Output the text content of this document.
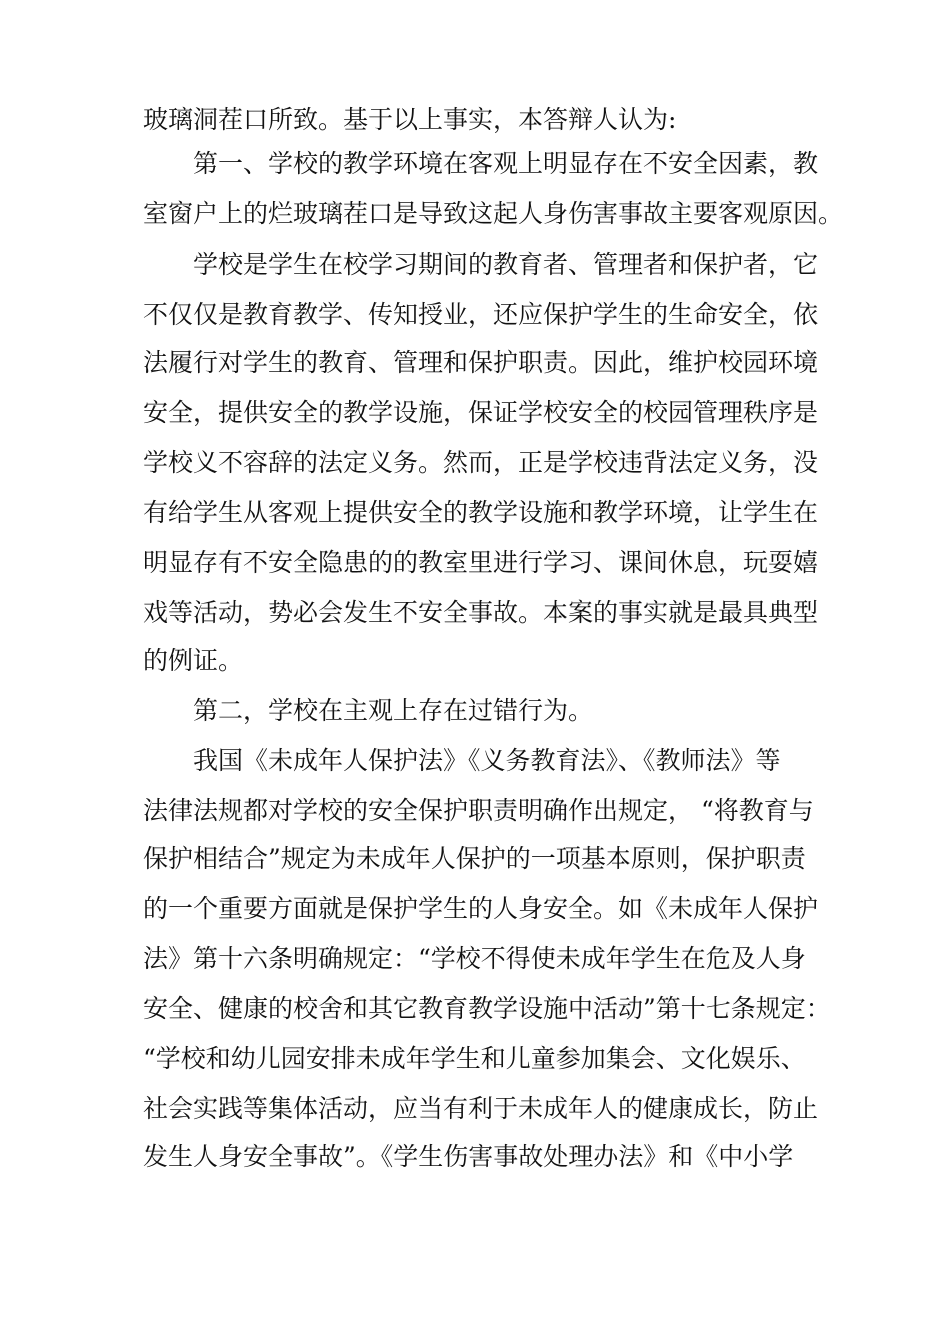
玻璃洞茬口所致。基于以上事实，本答辩人认为:
第一、学校的教学环境在客观上明显存在不安全因素，教
室窗户上的烂玻璃茬口是导致这起人身伤害事故主要客观原因。
学校是学生在校学习期间的教育者、管理者和保护者，它
不仅仅是教育教学、传知授业，还应保护学生的生命安全，依
法履行对学生的教育、管理和保护职责。因此，维护校园环境
安全，提供安全的教学设施，保证学校安全的校园管理秩序是
学校义不容辞的法定义务。然而，正是学校违背法定义务，没
有给学生从客观上提供安全的教学设施和教学环境，让学生在
明显存有不安全隐患的的教室里进行学习、课间休息，玩耍嬉
戏等活动，势必会发生不安全事故。本案的事实就是最具典型
的例证。
第二，学校在主观上存在过错行为。
我国《未成年人保护法》《义务教育法》、《教师法》等
法律法规都对学校的安全保护职责明确作出规定， “将教育与
保护相结合”规定为未成年人保护的一项基本原则，保护职责
的一个重要方面就是保护学生的人身安全。如《未成年人保护
法》第十六条明确规定：“学校不得使未成年学生在危及人身
安全、健康的校舍和其它教育教学设施中活动”第十七条规定：
“学校和幼儿园安排未成年学生和儿童参加集会、文化娱乐、
社会实践等集体活动，应当有利于未成年人的健康成长，防止
发生人身安全事故”。《学生伤害事故处理办法》和《中小学
